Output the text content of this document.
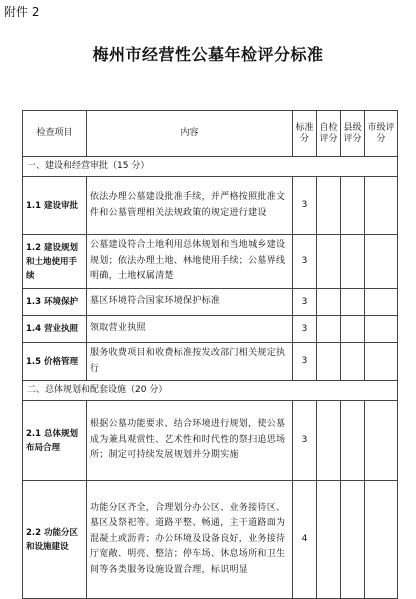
附件 2
梅州市经营性公墓年检评分标准
检查项目	内容	标准分	自检评分	县级评分	市级评分
一、建设和经营审批（15 分）					
1.1 建设审批	依法办理公墓建设批准手续，并严格按照批准文件和公墓管理相关法规政策的规定进行建设	3			
1.2 建设规划和土地使用手续	公墓建设符合土地利用总体规划和当地城乡建设规划；依法办理土地、林地使用手续；公墓界线明确，土地权属清楚	3			
1.3 环境保护	墓区环境符合国家环境保护标准	3			
1.4 营业执照	领取营业执照	3			
1.5 价格管理	服务收费项目和收费标准按发改部门相关规定执行	3			
二、总体规划和配套设施（20 分）					
2.1 总体规划布局合理	根据公墓功能要求、结合环境进行规划，使公墓成为兼具观赏性、艺术性和时代性的祭扫追思场所；制定可持续发展规划并分期实施	3			
2.2 功能分区和设施建设	功能分区齐全，合理划分办公区、业务接待区、墓区及祭祀等。道路平整、畅通，主干道路面为混凝土或沥青；办公环境及设备良好，业务接待厅宽敞、明亮、整洁；停车场、休息场所和卫生间等各类服务设施设置合理，标识明显	4			
